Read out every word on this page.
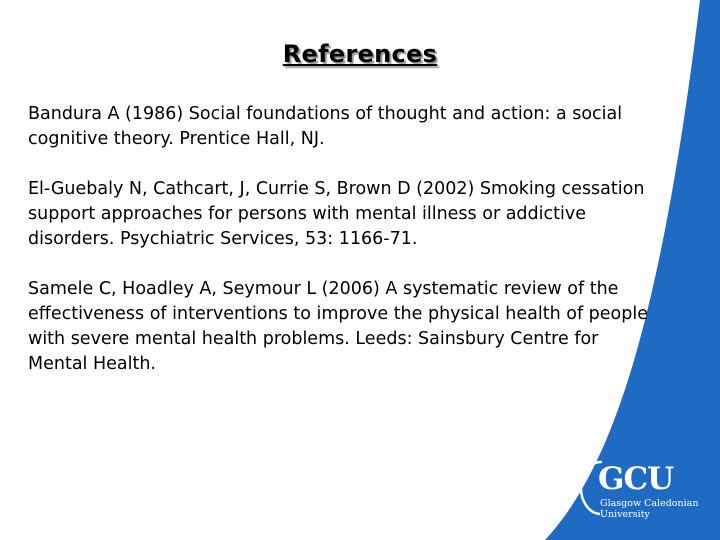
References

Bandura A (1986) Social foundations of thought and action: a social cognitive theory. Prentice Hall, NJ.

El-Guebaly N, Cathcart, J, Currie S, Brown D (2002) Smoking cessation support approaches for persons with mental illness or addictive disorders. Psychiatric Services, 53: 1166-71.

Samele C, Hoadley A, Seymour L (2006) A systematic review of the effectiveness of interventions to improve the physical health of people with severe mental health problems. Leeds: Sainsbury Centre for Mental Health.

GCU
Glasgow Caledonian
University
